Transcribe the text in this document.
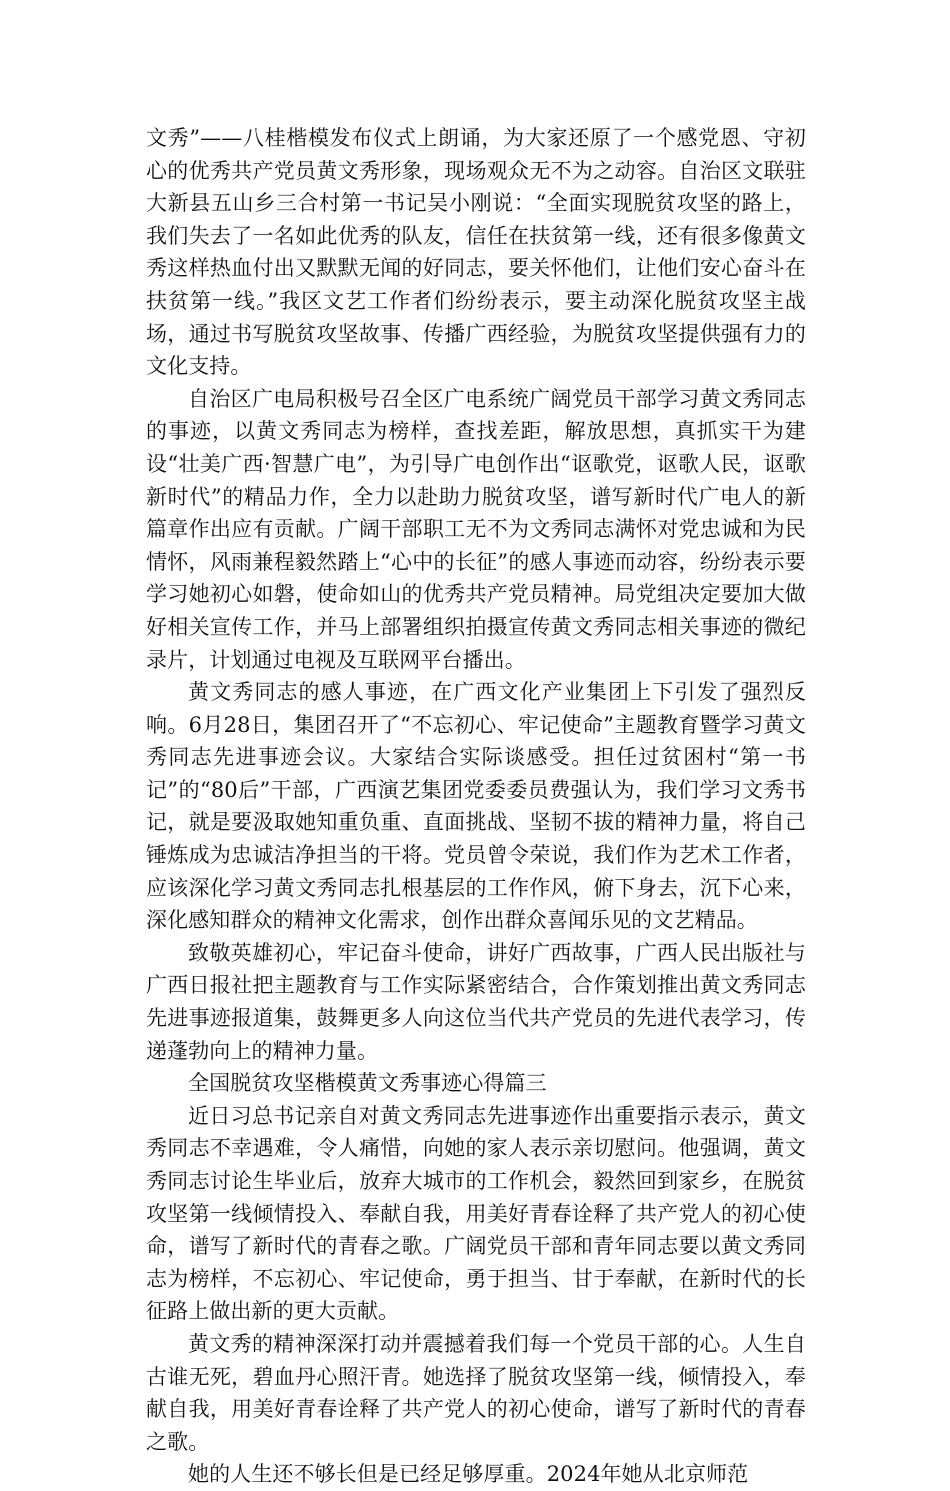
文秀”——八桂楷模发布仪式上朗诵，为大家还原了一个感党恩、守初心的优秀共产党员黄文秀形象，现场观众无不为之动容。自治区文联驻大新县五山乡三合村第一书记吴小刚说：“全面实现脱贫攻坚的路上，我们失去了一名如此优秀的队友，信任在扶贫第一线，还有很多像黄文秀这样热血付出又默默无闻的好同志，要关怀他们，让他们安心奋斗在扶贫第一线。”我区文艺工作者们纷纷表示，要主动深化脱贫攻坚主战场，通过书写脱贫攻坚故事、传播广西经验，为脱贫攻坚提供强有力的文化支持。

自治区广电局积极号召全区广电系统广阔党员干部学习黄文秀同志的事迹，以黄文秀同志为榜样，查找差距，解放思想，真抓实干为建设“壮美广西·智慧广电”，为引导广电创作出“讴歌党，讴歌人民，讴歌新时代”的精品力作，全力以赴助力脱贫攻坚，谱写新时代广电人的新篇章作出应有贡献。广阔干部职工无不为文秀同志满怀对党忠诚和为民情怀，风雨兼程毅然踏上“心中的长征”的感人事迹而动容，纷纷表示要学习她初心如磐，使命如山的优秀共产党员精神。局党组决定要加大做好相关宣传工作，并马上部署组织拍摄宣传黄文秀同志相关事迹的微纪录片，计划通过电视及互联网平台播出。

黄文秀同志的感人事迹，在广西文化产业集团上下引发了强烈反响。6月28日，集团召开了“不忘初心、牢记使命”主题教育暨学习黄文秀同志先进事迹会议。大家结合实际谈感受。担任过贫困村“第一书记”的“80后”干部，广西演艺集团党委委员费强认为，我们学习文秀书记，就是要汲取她知重负重、直面挑战、坚韧不拔的精神力量，将自己锤炼成为忠诚洁净担当的干将。党员曾令荣说，我们作为艺术工作者，应该深化学习黄文秀同志扎根基层的工作作风，俯下身去，沉下心来，深化感知群众的精神文化需求，创作出群众喜闻乐见的文艺精品。

致敬英雄初心，牢记奋斗使命，讲好广西故事，广西人民出版社与广西日报社把主题教育与工作实际紧密结合，合作策划推出黄文秀同志先进事迹报道集，鼓舞更多人向这位当代共产党员的先进代表学习，传递蓬勃向上的精神力量。

全国脱贫攻坚楷模黄文秀事迹心得篇三

近日习总书记亲自对黄文秀同志先进事迹作出重要指示表示，黄文秀同志不幸遇难，令人痛惜，向她的家人表示亲切慰问。他强调，黄文秀同志讨论生毕业后，放弃大城市的工作机会，毅然回到家乡，在脱贫攻坚第一线倾情投入、奉献自我，用美好青春诠释了共产党人的初心使命，谱写了新时代的青春之歌。广阔党员干部和青年同志要以黄文秀同志为榜样，不忘初心、牢记使命，勇于担当、甘于奉献，在新时代的长征路上做出新的更大贡献。

黄文秀的精神深深打动并震撼着我们每一个党员干部的心。人生自古谁无死，碧血丹心照汗青。她选择了脱贫攻坚第一线，倾情投入，奉献自我，用美好青春诠释了共产党人的初心使命，谱写了新时代的青春之歌。

她的人生还不够长但是已经足够厚重。2024年她从北京师范
